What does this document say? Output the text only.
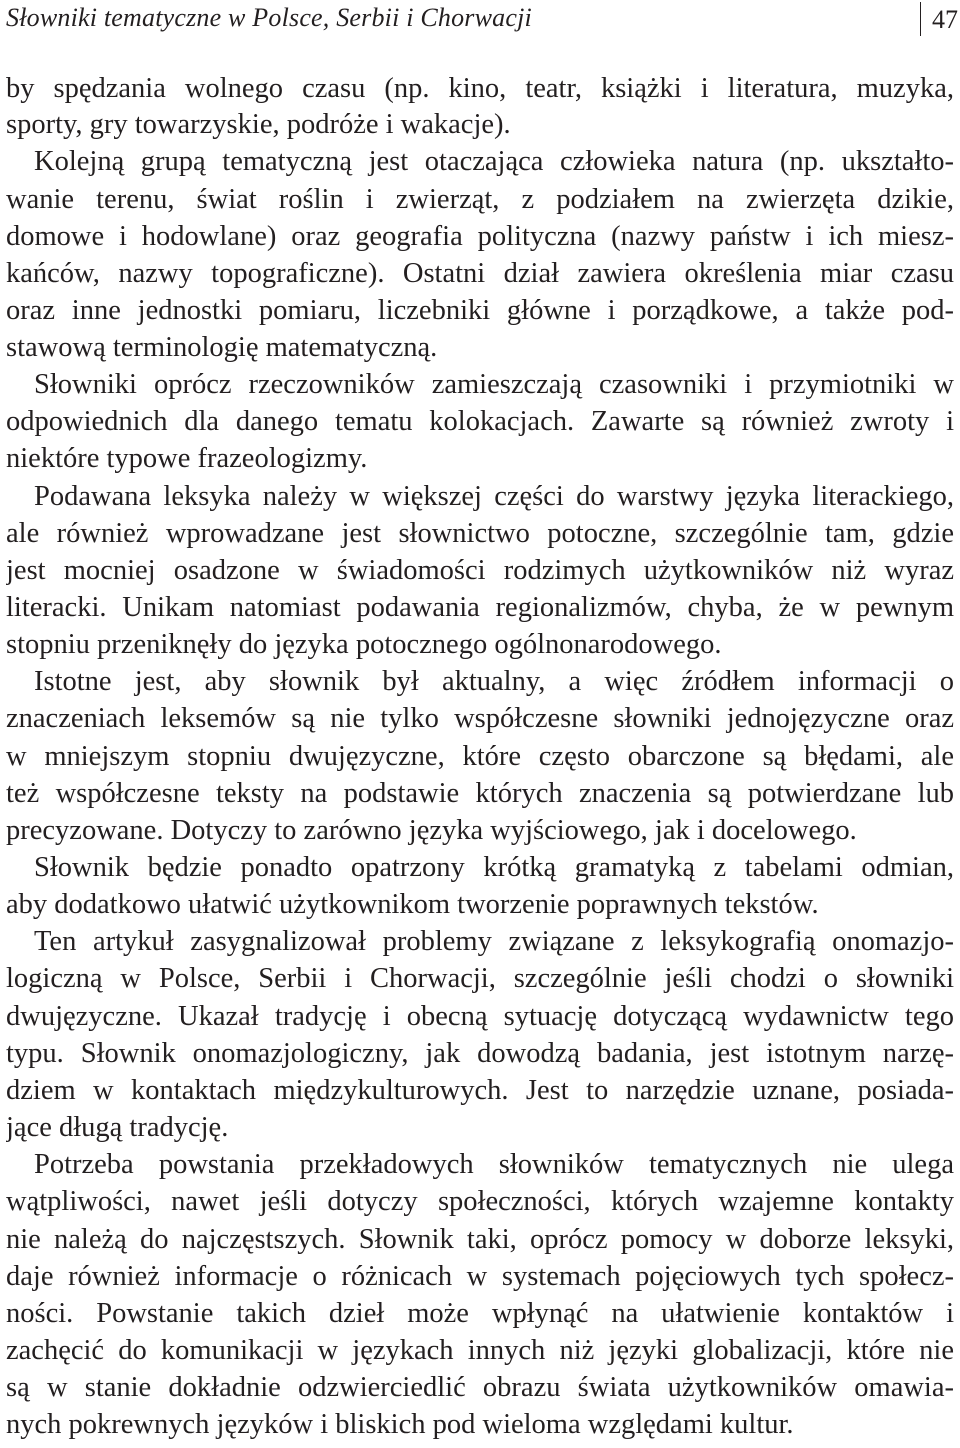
Słowniki tematyczne w Polsce, Serbii i Chorwacji	47
by spędzania wolnego czasu (np. kino, teatr, książki i literatura, muzyka,
sporty, gry towarzyskie, podróże i wakacje).
Kolejną grupą tematyczną jest otaczająca człowieka natura (np. ukształto-
wanie terenu, świat roślin i zwierząt, z podziałem na zwierzęta dzikie,
domowe i hodowlane) oraz geografia polityczna (nazwy państw i ich miesz-
kańców, nazwy topograficzne). Ostatni dział zawiera określenia miar czasu
oraz inne jednostki pomiaru, liczebniki główne i porządkowe, a także pod-
stawową terminologię matematyczną.
Słowniki oprócz rzeczowników zamieszczają czasowniki i przymiotniki w
odpowiednich dla danego tematu kolokacjach. Zawarte są również zwroty i
niektóre typowe frazeologizmy.
Podawana leksyka należy w większej części do warstwy języka literackiego,
ale również wprowadzane jest słownictwo potoczne, szczególnie tam, gdzie
jest mocniej osadzone w świadomości rodzimych użytkowników niż wyraz
literacki. Unikam natomiast podawania regionalizmów, chyba, że w pewnym
stopniu przeniknęły do języka potocznego ogólnonarodowego.
Istotne jest, aby słownik był aktualny, a więc źródłem informacji o
znaczeniach leksemów są nie tylko współczesne słowniki jednojęzyczne oraz
w mniejszym stopniu dwujęzyczne, które często obarczone są błędami, ale
też współczesne teksty na podstawie których znaczenia są potwierdzane lub
precyzowane. Dotyczy to zarówno języka wyjściowego, jak i docelowego.
Słownik będzie ponadto opatrzony krótką gramatyką z tabelami odmian,
aby dodatkowo ułatwić użytkownikom tworzenie poprawnych tekstów.
Ten artykuł zasygnalizował problemy związane z leksykografią onomazjo-
logiczną w Polsce, Serbii i Chorwacji, szczególnie jeśli chodzi o słowniki
dwujęzyczne. Ukazał tradycję i obecną sytuację dotyczącą wydawnictw tego
typu. Słownik onomazjologiczny, jak dowodzą badania, jest istotnym narzę-
dziem w kontaktach międzykulturowych. Jest to narzędzie uznane, posiada-
jące długą tradycję.
Potrzeba powstania przekładowych słowników tematycznych nie ulega
wątpliwości, nawet jeśli dotyczy społeczności, których wzajemne kontakty
nie należą do najczęstszych. Słownik taki, oprócz pomocy w doborze leksyki,
daje również informacje o różnicach w systemach pojęciowych tych społecz-
ności. Powstanie takich dzieł może wpłynąć na ułatwienie kontaktów i
zachęcić do komunikacji w językach innych niż języki globalizacji, które nie
są w stanie dokładnie odzwierciedlić obrazu świata użytkowników omawia-
nych pokrewnych języków i bliskich pod wieloma względami kultur.
